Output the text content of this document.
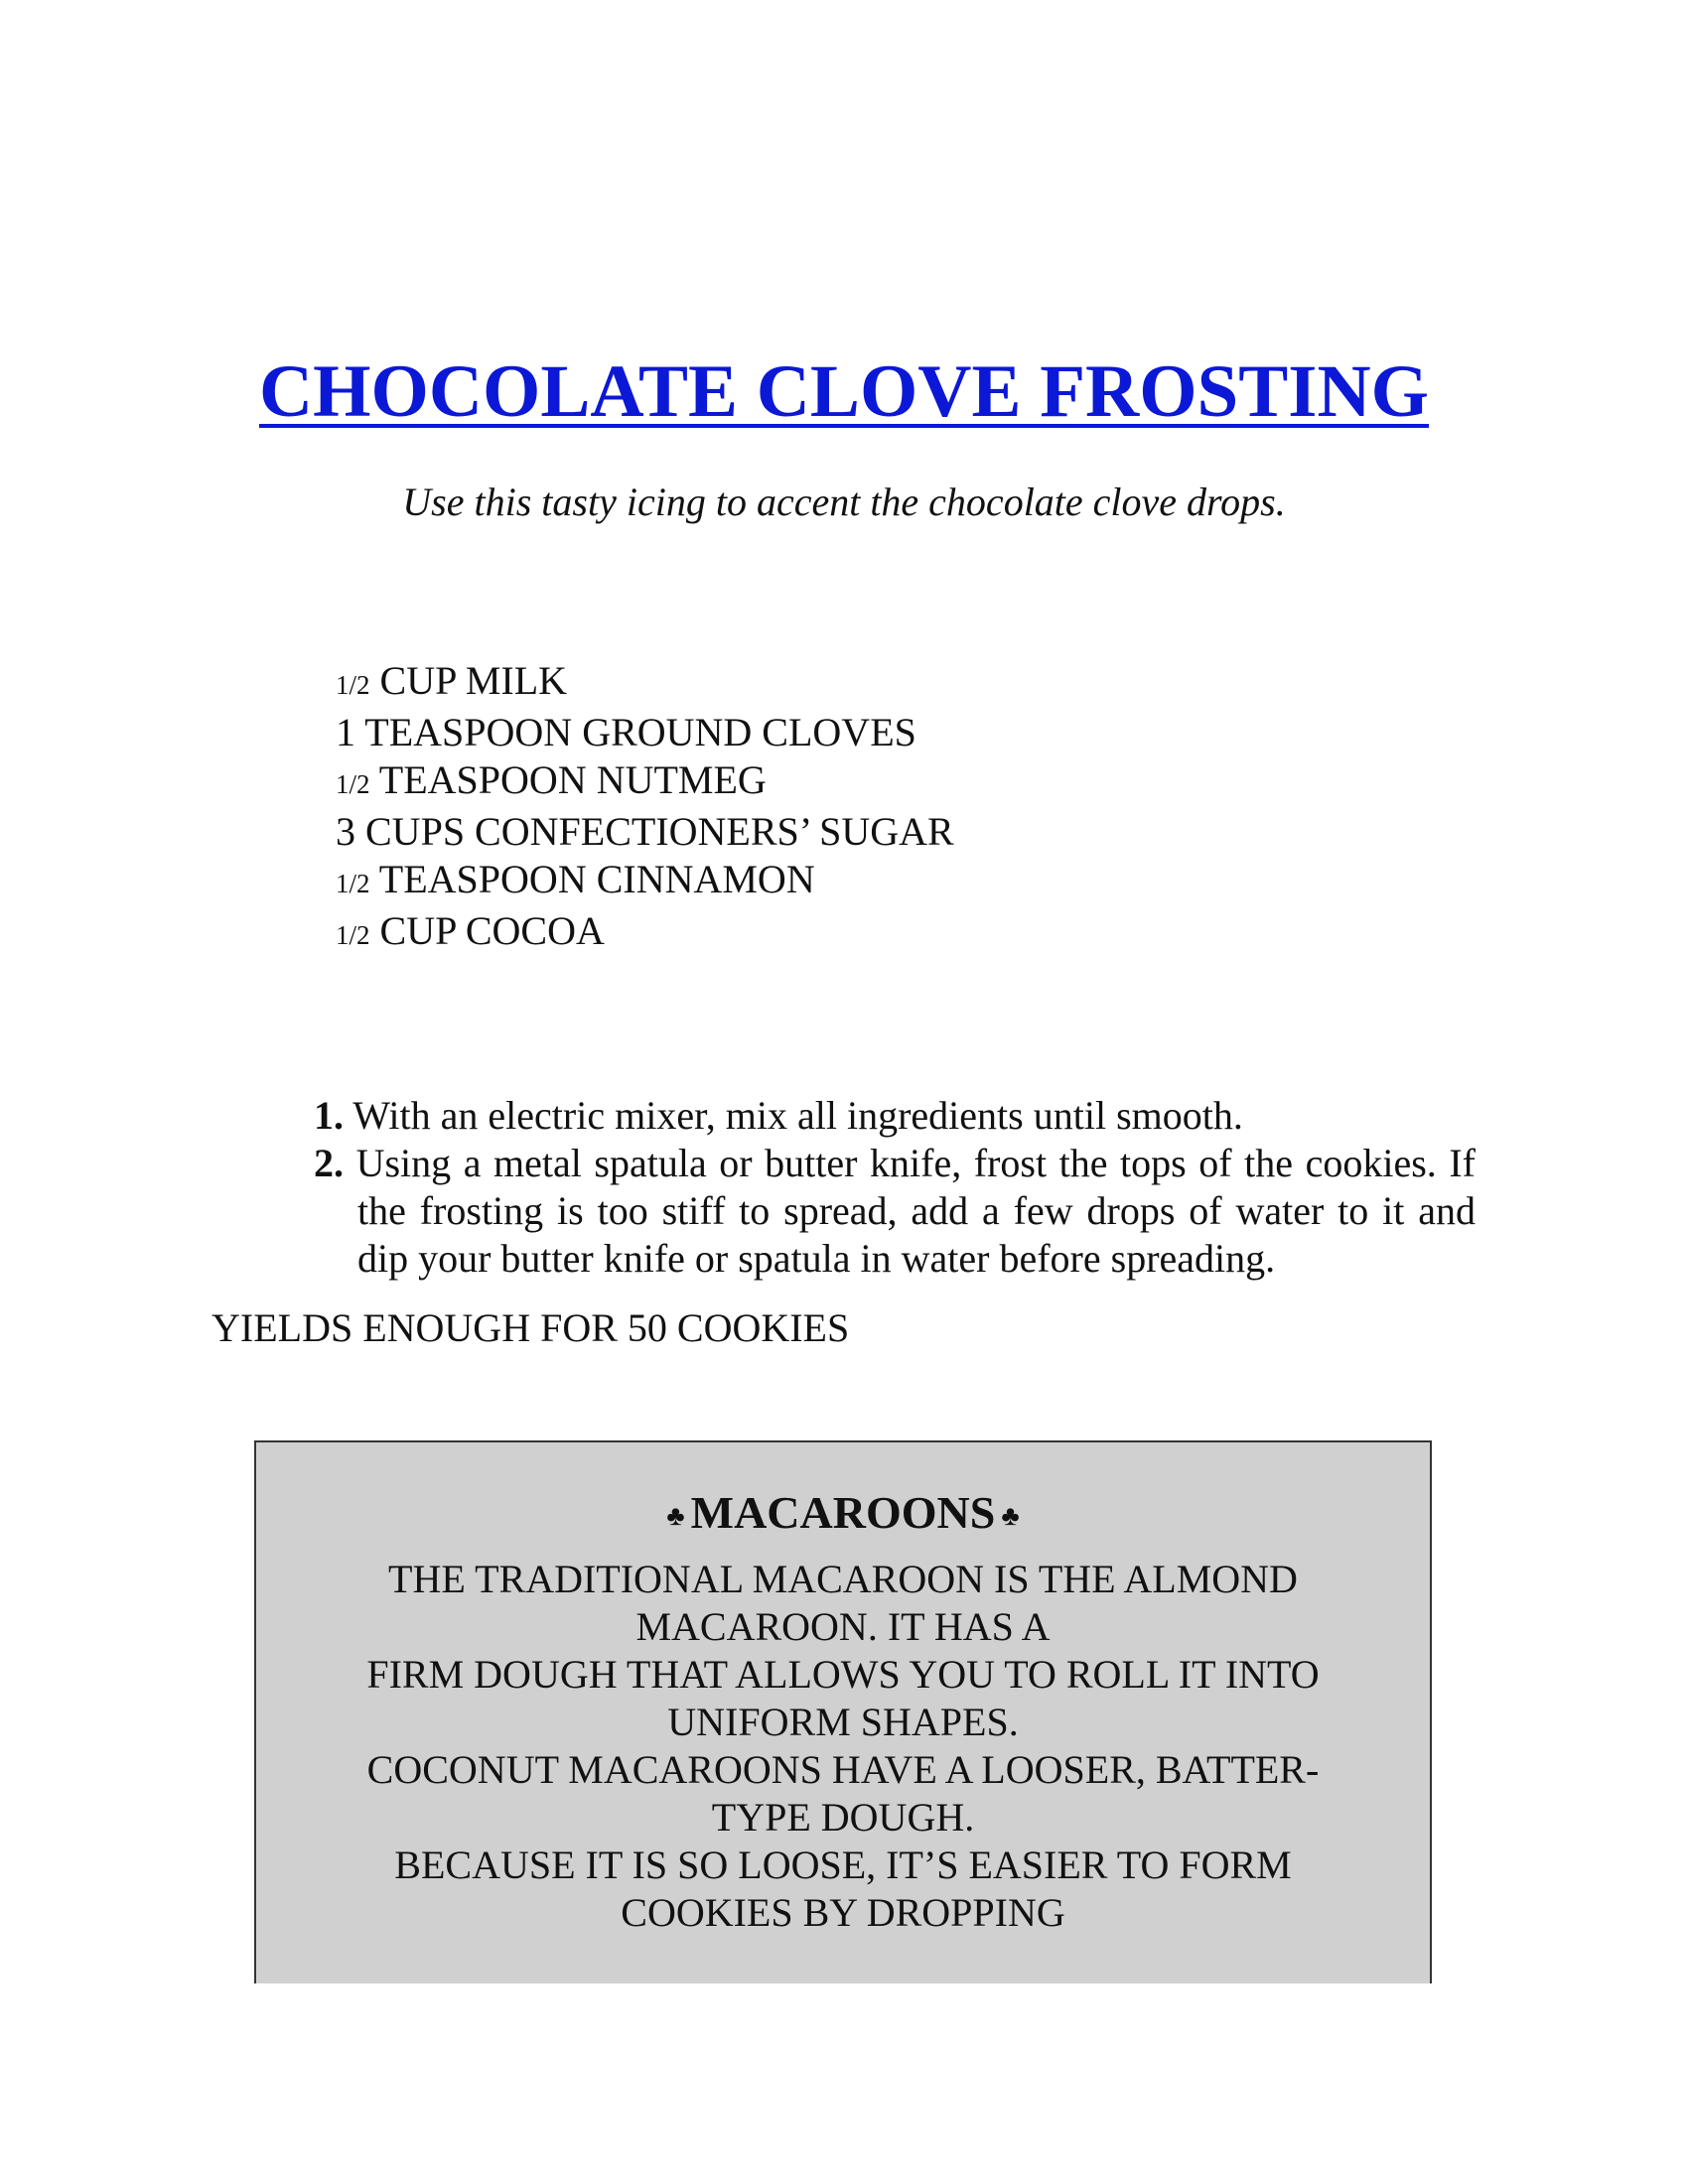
CHOCOLATE CLOVE FROSTING
Use this tasty icing to accent the chocolate clove drops.
1/2 CUP MILK
1 TEASPOON GROUND CLOVES
1/2 TEASPOON NUTMEG
3 CUPS CONFECTIONERS’ SUGAR
1/2 TEASPOON CINNAMON
1/2 CUP COCOA
1. With an electric mixer, mix all ingredients until smooth.
2. Using a metal spatula or butter knife, frost the tops of the cookies. If the frosting is too stiff to spread, add a few drops of water to it and dip your butter knife or spatula in water before spreading.
YIELDS ENOUGH FOR 50 COOKIES
♣ MACAROONS ♣
THE TRADITIONAL MACAROON IS THE ALMOND MACAROON. IT HAS A
FIRM DOUGH THAT ALLOWS YOU TO ROLL IT INTO UNIFORM SHAPES.
COCONUT MACAROONS HAVE A LOOSER, BATTER-TYPE DOUGH.
BECAUSE IT IS SO LOOSE, IT’S EASIER TO FORM COOKIES BY DROPPING
